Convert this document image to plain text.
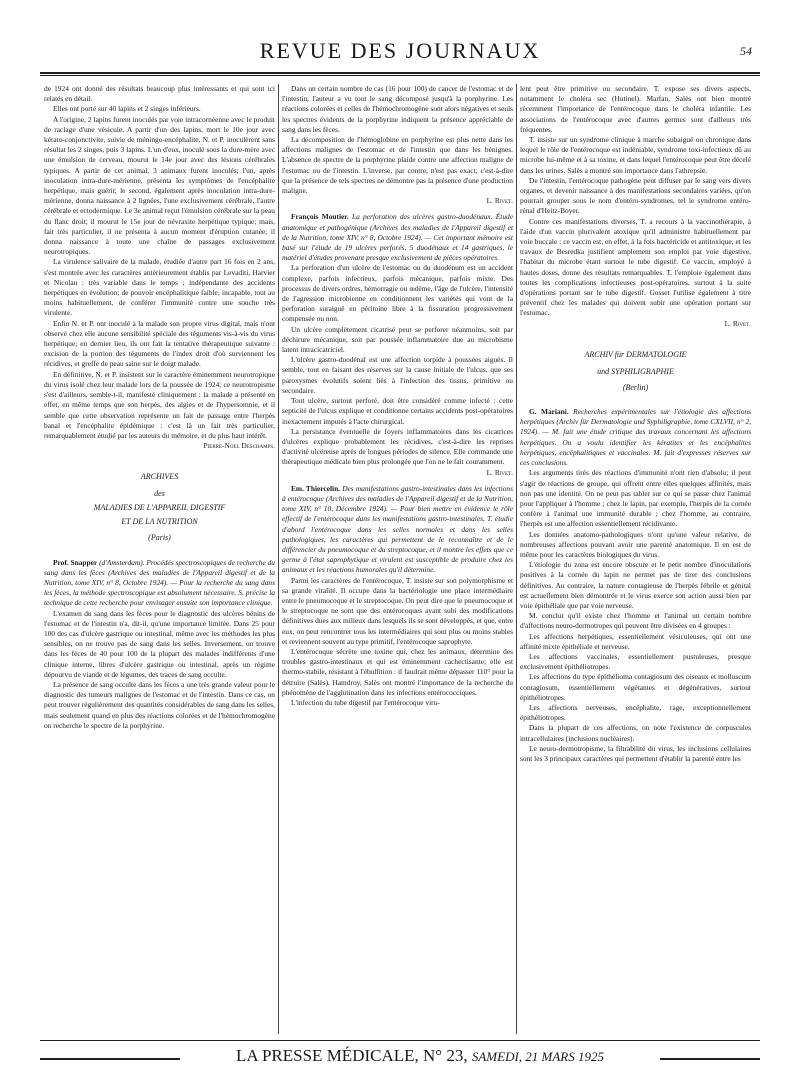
REVUE DES JOURNAUX	54

de 1924 ont donné des résultats beaucoup plus intéressants et qui sont ici relatés en détail.

Elles ont porté sur 40 lapins et 2 singes inférieurs.

A l'origine, 2 lapins furent inoculés par voie intracornéenne avec le produit de raclage d'une vésicule. A partir d'un des lapins, mort le 10e jour avec kérato-conjonctivite, suivie de méningo-encéphalite, N. et P. inoculèrent sans résultat les 2 singes, puis 3 lapins. L'un d'eux, inoculé sous la dure-mère avec une émulsion de cerveau, mourut le 14e jour avec des lésions cérébrales typiques. A partir de cet animal, 3 animaux furent inoculés; l'un, après inoculation intra-dure-mérienne, présenta les symptômes de l'encéphalite herpétique, mais guérit; le second, également après inoculation intra-dure-mérienne, donna naissance à 2 lignées, l'une exclusivement cérébrale, l'autre cérébrale et ectodermique. Le 3e animal reçut l'émulsion cérébrale sur la peau du flanc droit; il mourut le 15e jour de névraxite herpétique typique; mais, fait très particulier, il ne présenta à aucun moment d'éruption cutanée; il donna naissance à toute une chaîne de passages exclusivement neurotropiques.

La virulence salivaire de la malade, étudiée d'autre part 16 fois en 2 ans, s'est montrée avec les caractères antérieurement établis par Levaditi, Harvier et Nicolau : très variable dans le temps ; indépendante des accidents herpétiques en évolution; de pouvoir encéphalitique faible; incapable, tout au moins habituellement, de conférer l'immunité contre une souche très virulente.

Enfin N. et P. ont inoculé à la malade son propre virus digital, mais n'ont observé chez elle aucune sensibilité spéciale des téguments vis-à-vis du virus herpétique; en dernier lieu, ils ont fait la tentative thérapeutique suivante : excision de la portion des téguments de l'index droit d'où surviennent les récidives, et greffe de peau saine sur le doigt malade.

En définitive, N. et P. insistent sur le caractère éminemment neurotropique du virus isolé chez leur malade lors de la poussée de 1924; ce neurotropisme s'est d'ailleurs, semble-t-il, manifesté cliniquement : la malade a présenté en effet, en même temps que son herpès, des algies et de l'hypersomnie, et il semble que cette observation représente un fait de passage entre l'herpès banal et l'encéphalite épidémique : c'est là un fait très particulier, remarquablement étudié par les auteurs du mémoire, et du plus haut intérêt.

Pierre-Noel Deschamps.
ARCHIVES
des
MALADIES DE L'APPAREIL DIGESTIF
ET DE LA NUTRITION
(Paris)

Prof. Snapper (d'Amsterdam). Procédés spectroscopiques de recherche du sang dans les fèces (Archives des maladies de l'Appareil digestif et de la Nutrition, tome XIV, n° 8, Octobre 1924). — Pour la recherche du sang dans les fèces, la méthode spectroscopique est absolument nécessaire. S. précise la technique de cette recherche pour envisager ensuite son importance clinique.

L'examen du sang dans les fèces pour le diagnostic des ulcères bénins de l'estomac et de l'intestin n'a, dit-il, qu'une importance limitée. Dans 25 pour 100 des cas d'ulcère gastrique ou intestinal, même avec les méthodes les plus sensibles, on ne trouve pas de sang dans les selles. Inversement, on trouve dans les fèces de 40 pour 100 de la plupart des malades indifférents d'une clinique interne, libres d'ulcère gastrique ou intestinal, après un régime dépourvu de viande et de légumes, des traces de sang occulte.

La présence de sang occulte dans les fèces a une très grande valeur pour le diagnostic des tumeurs malignes de l'estomac et de l'intestin. Dans ce cas, on peut trouver régulièrement des quantités considérables de sang dans les selles, mais seulement quand en plus des réactions colorées et de l'hémochromogène on recherche le spectre de la porphyrine.

Dans un certain nombre de cas (16 pour 100) de cancer de l'estomac et de l'intestin, l'auteur a vu tout le sang décomposé jusqu'à la porphyrine. Les réactions colorées et celles de l'hémochromogène sont alors négatives et seuls les spectres évidents de la porphyrine indiquent la présence appréciable de sang dans les fèces.

La décomposition de l'hémoglobine en porphyrine est plus nette dans les affections malignes de l'estomac et de l'intestin que dans les bénignes. L'absence de spectre de la porphyrine plaide contre une affection maligne de l'estomac ou de l'intestin. L'inverse, par contre, n'est pas exact, c'est-à-dire que la présence de tels spectres ne démontre pas la présence d'une production maligne.

L. Rivet.

François Moutier. La perforation des ulcères gastro-duodénaux. Étude anatomique et pathogénique (Archives des maladies de l'Appareil digestif et de la Nutrition, tome XIV, n° 8, Octobre 1924). — Cet important mémoire est basé sur l'étude de 19 ulcères perforés, 5 duodénaux et 14 gastriques, le matériel d'études provenant presque exclusivement de pièces opératoires.

La perforation d'un ulcère de l'estomac ou du duodénum est un accident complexe, parfois infectieux, parfois mécanique, parfois mixte. Des processus de divers ordres, hémorragie ou œdème, l'âge de l'ulcère, l'intensité de l'agression microbienne en conditionnent les variétés qui vont de la perforation suraiguë en péritoine libre à la fissuration progressivement compensée ou non.

Un ulcère complètement cicatrisé peut se perforer néanmoins, soit par déchirure mécanique, soit par poussée inflammatoire due au microbisme latent intracicatriciel.

L'ulcère gastro-duodénal est une affection torpide à poussées aiguës. Il semble, tout en faisant des réserves sur la cause initiale de l'ulcus, que ses paroxysmes évolutifs soient liés à l'infection des tissus, primitive ou secondaire.

Tout ulcère, surtout perforé, doit être considéré comme infecté : cette septicité de l'ulcus explique et conditionne certains accidents post-opératoires inexactement imputés à l'acte chirurgical.

La persistance éventuelle de foyers inflammatoires dans les cicatrices d'ulcères explique probablement les récidives, c'est-à-dire les reprises d'activité ulcéreuse après de longues périodes de silence. Elle commande une thérapeutique médicale bien plus prolongée que l'on ne le fait couramment.

L. Rivet.

Em. Thiercelin. Des manifestations gastro-intestinales dans les infections à entérocoque (Archives des maladies de l'Appareil digestif et de la Nutrition, tome XIV, n° 10, Décembre 1924). — Pour bien mettre en évidence le rôle effectif de l'entérocoque dans les manifestations gastro-intestinales, T. étudie d'abord l'entérocoque dans les selles normales et dans les selles pathologiques, les caractères qui permettent de le reconnaître et de le différencier du pneumocoque et du streptocoque, et il montre les effets que ce germe à l'état saprophytique et virulent est susceptible de produire chez les animaux et les réactions humorales qu'il détermine.

Parmi les caractères de l'entérocoque, T. insiste sur son polymorphisme et sa grande vitalité. Il occupe dans la bactériologie une place intermédiaire entre le pneumocoque et le streptocoque. On peut dire que le pneumocoque et le streptocoque ne sont que des entérocoques ayant subi des modifications définitives dues aux milieux dans lesquels ils se sont développés, et que, entre eux, on peut rencontrer tous les intermédiaires qui sont plus ou moins stables et reviennent souvent au type primitif, l'entérocoque saprophyte.

L'entérocoque sécrète une toxine qui, chez les animaux, détermine des troubles gastro-intestinaux et qui est éminemment cachectisante; elle est thermo-stabile, résistant à l'ébullition : il faudrait même dépasser 110° pour la détruire (Salès). Hamdroy, Salès ont montré l'importance de la recherche du phénomène de l'agglutination dans les infections entérococciques.

L'infection du tube digestif par l'entérocoque viru-

lent peut être primitive ou secondaire. T. expose ses divers aspects, notamment le choléra sec (Hutinel). Marfan, Salès ont bien montré récemment l'importance de l'entérocoque dans le choléra infantile. Les associations de l'entérocoque avec d'autres germes sont d'ailleurs très fréquentes.

T. insiste sur un syndrome clinique à marche subaiguë ou chronique dans lequel le rôle de l'entérocoque est indéniable, syndrome toxi-infectieux dû au microbe lui-même et à sa toxine, et dans lequel l'entérocoque peut être décelé dans les urines. Salès a montré son importance dans l'athrepsie.

De l'intestin, l'entérocoque pathogène peut diffuser par le sang vers divers organes, et devenir naissance à des manifestations secondaires variées, qu'on pourrait grouper sous le nom d'entéro-syndromes, tel le syndrome entéro-rénal d'Heitz-Boyer.

Contre ces manifestations diverses, T. a recours à la vaccinothérapie, à l'aide d'un vaccin plurivalent atoxique qu'il administre habituellement par voie buccale : ce vaccin est, en effet, à la fois bactéricide et antitoxique, et les travaux de Besredka justifient amplement son emploi par voie digestive, l'habitat du microbe étant surtout le tube digestif. Ce vaccin, employé à hautes doses, donne des résultats remarquables. T. l'emploie également dans toutes les complications infectieuses post-opératoires, surtout à la suite d'opérations portant sur le tube digestif. Gosset l'utilise également à titre préventif chez les malades qui doivent subir une opération portant sur l'estomac.

L. Rivet.
ARCHIV für DERMATOLOGIE
und SYPHILIGRAPHIE
(Berlin)

G. Mariani. Recherches expérimentales sur l'étiologie des affections herpétiques (Archiv für Dermatologie und Syphiligraphie, tome CXLVII, n° 2, 1924). — M. fait une étude critique des travaux concernant les affections herpétiques. On a voulu identifier les kératites et les encéphalites herpétiques, encéphalitiques et vaccinales. M. fait d'expresses réserves sur ces conclusions.

Les arguments tirés des réactions d'immunité n'ont rien d'absolu; il peut s'agir de réactions de groupe, qui offrent entre elles quelques affinités, mais non pas une identité. On ne peut pas tabler sur ce qui se passe chez l'animal pour l'appliquer à l'homme ; chez le lapin, par exemple, l'herpès de la cornée confère à l'animal une immunité durable ; chez l'homme, au contraire, l'herpès est une affection essentiellement récidivante.

Les données anatomo-pathologiques n'ont qu'une valeur relative, de nombreuses affections pouvant avoir une parenté anatomique. Il en est de même pour les caractères biologiques du virus.

L'étiologie du zona est encore obscure et le petit nombre d'inoculations positives à la cornée du lapin ne permet pas de tirer des conclusions définitives. Au contraire, la nature contagieuse de l'herpès fébrile et génital est actuellement bien démontrée et le virus exerce son action aussi bien par voie épithéliale que par voie nerveuse.

M. conclut qu'il existe chez l'homme et l'animal un certain nombre d'affections neuro-dermotropes qui peuvent être divisées en 4 groupes :

Les affections herpétiques, essentiellement vésiculeuses, qui ont une affinité mixte épithéliale et nerveuse.

Les affections vaccinales, essentiellement pustuleuses, presque exclusivement épithéliotropes.

Les affections du type épithélioma contagiosum des oiseaux et molluscum contagiosum, essentiellement végétantes et dégénératives, surtout épithéliotropes.

Les affections nerveuses, encéphalite, rage, exceptionnellement épithéliotropes.

Dans la plupart de ces affections, on note l'existence de corpuscules intracellulaires (inclusions nucléaires).

Le neuro-dermotropisme, la filtrabilité du virus, les inclusions cellulaires sont les 3 principaux caractères qui permettent d'établir la parenté entre les

LA PRESSE MÉDICALE, N° 23, SAMEDI, 21 MARS 1925
